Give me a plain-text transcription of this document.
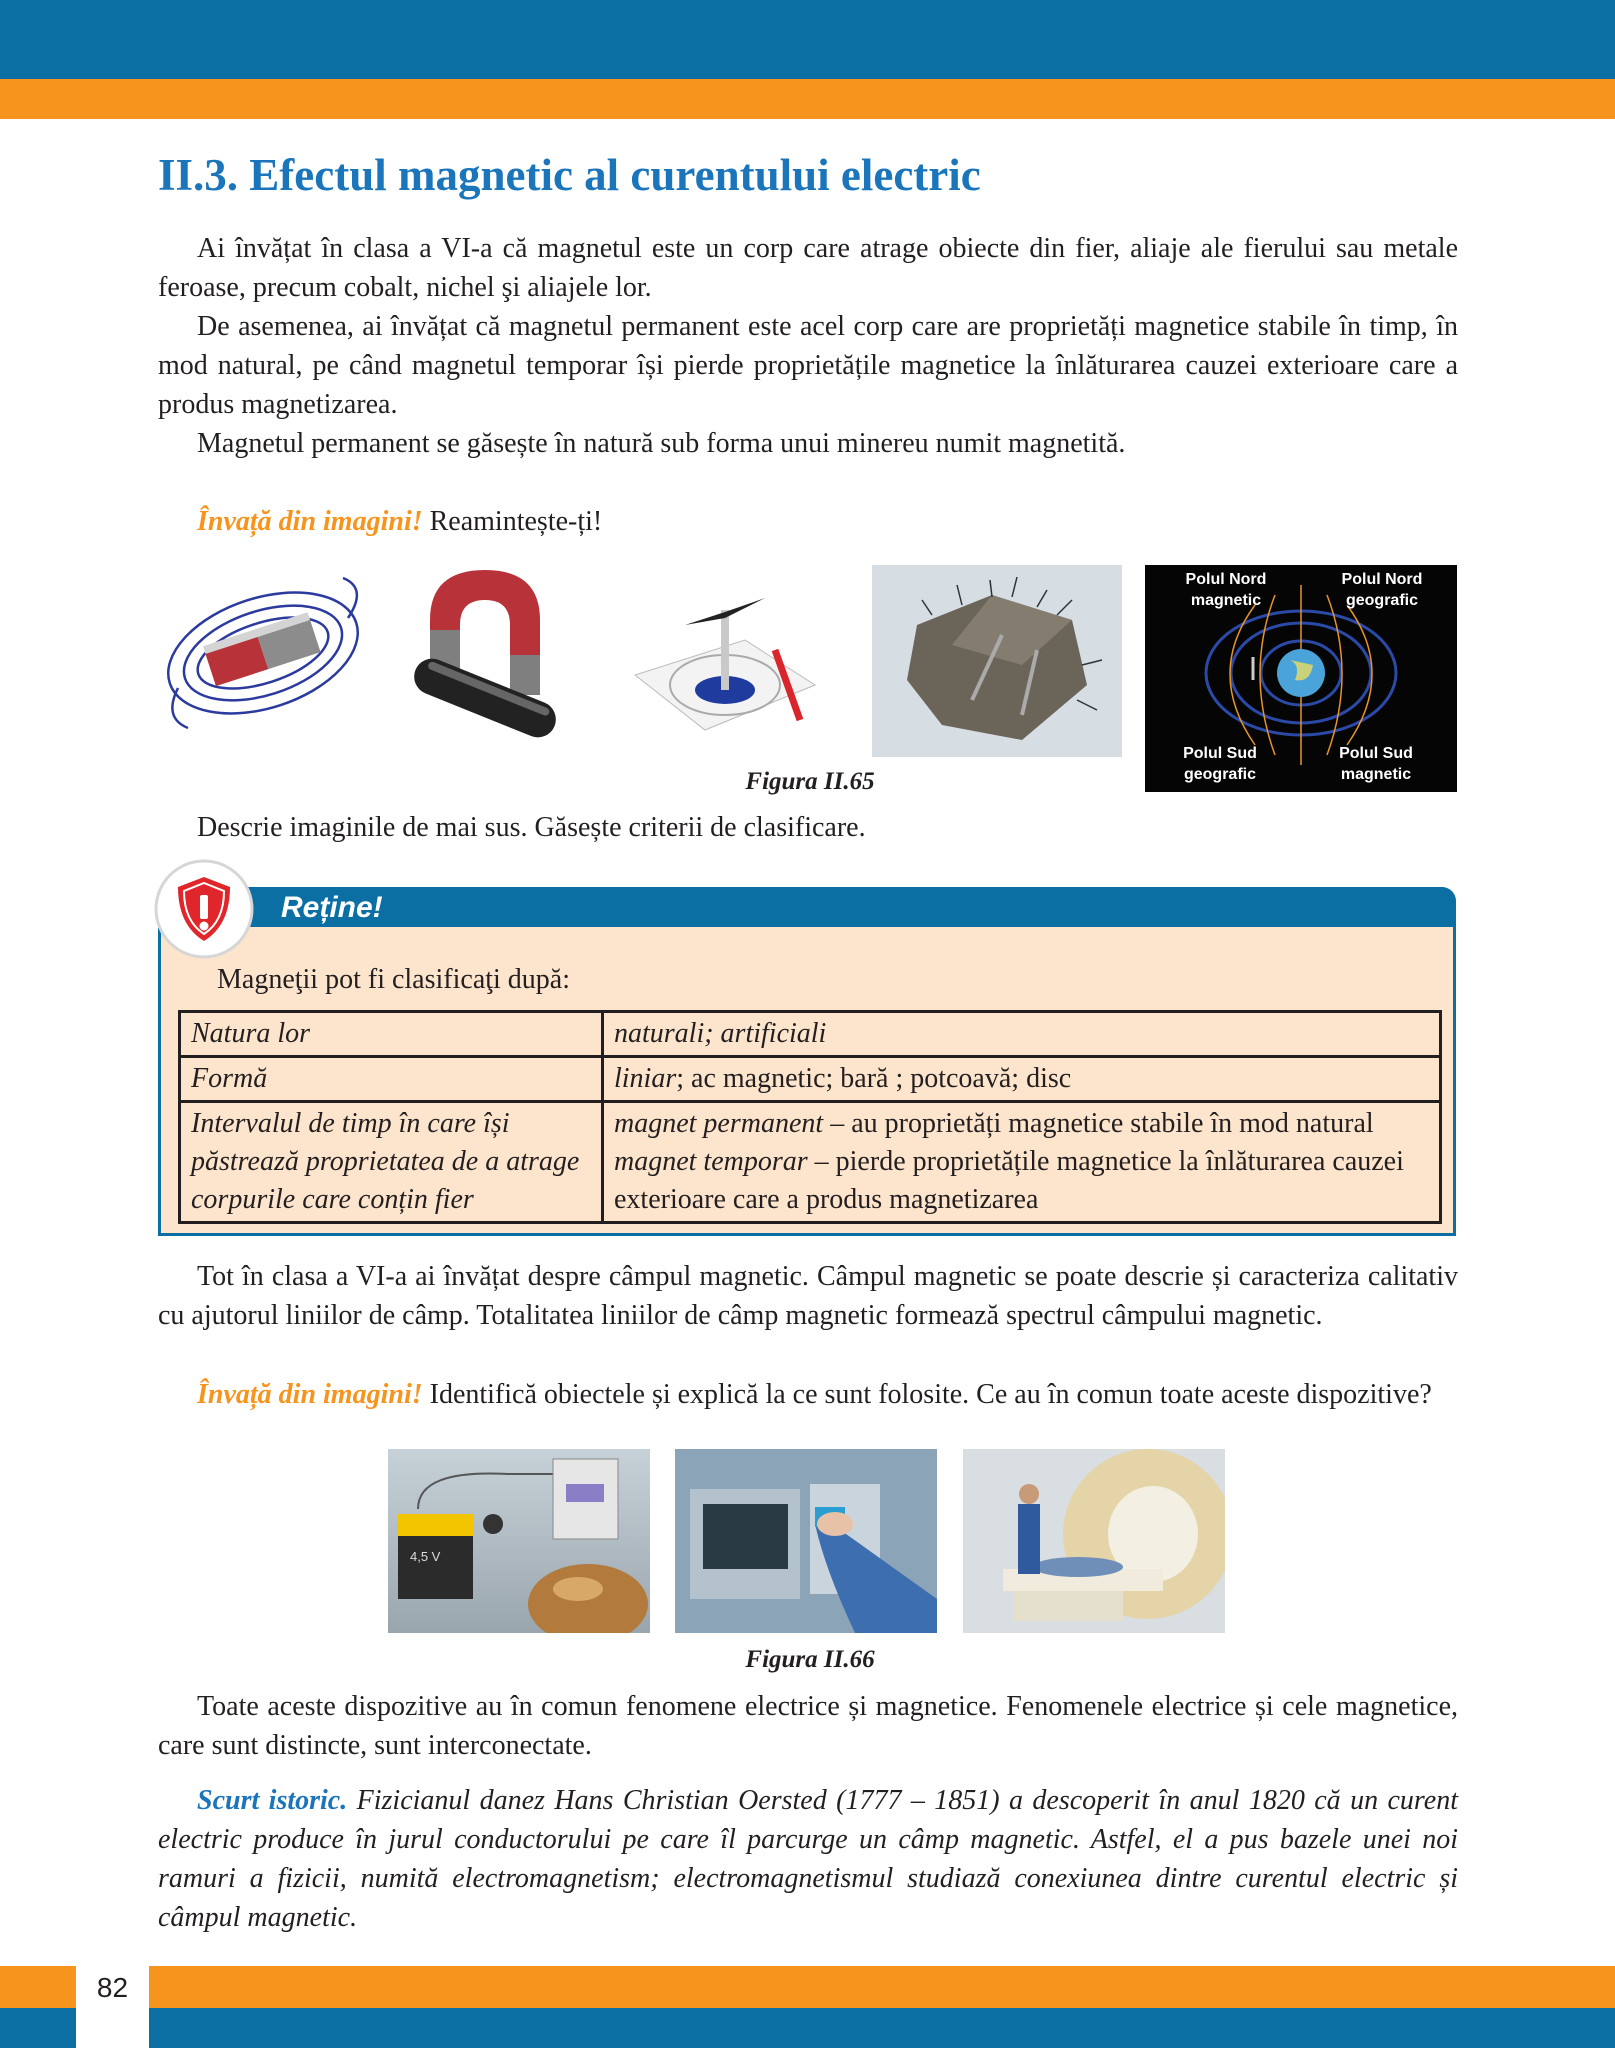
II.3. Efectul magnetic al curentului electric

Ai învățat în clasa a VI-a că magnetul este un corp care atrage obiecte din fier, aliaje ale fierului sau metale feroase, precum cobalt, nichel şi aliajele lor.

De asemenea, ai învățat că magnetul permanent este acel corp care are proprietăți magnetice stabile în timp, în mod natural, pe când magnetul temporar își pierde proprietățile magnetice la înlăturarea cauzei exterioare care a produs magnetizarea.

Magnetul permanent se găsește în natură sub forma unui minereu numit magnetită.

Învață din imagini! Reamintește-ți!

Polul Nord
magnetic
Polul Nord
geografic
Polul Sud
geografic
Polul Sud
magnetic
Figura II.65

Descrie imaginile de mai sus. Găsește criterii de clasificare.

Reține!

Magneţii pot fi clasificaţi după:

Natura lor	naturali; artificiali
Formă	liniar; ac magnetic; bară ; potcoavă; disc
Intervalul de timp în care își păstrează proprietatea de a atrage corpurile care conțin fier	magnet permanent – au proprietăți magnetice stabile în mod natural
magnet temporar – pierde proprietățile magnetice la înlăturarea cauzei exterioare care a produs magnetizarea

Tot în clasa a VI-a ai învățat despre câmpul magnetic. Câmpul magnetic se poate descrie și caracteriza calitativ cu ajutorul liniilor de câmp. Totalitatea liniilor de câmp magnetic formează spectrul câmpului magnetic.

Învață din imagini! Identifică obiectele și explică la ce sunt folosite. Ce au în comun toate aceste dispozitive?

4,5 V
Figura II.66

Toate aceste dispozitive au în comun fenomene electrice și magnetice. Fenomenele electrice și cele magnetice, care sunt distincte, sunt interconectate.

Scurt istoric. Fizicianul danez Hans Christian Oersted (1777 – 1851) a descoperit în anul 1820 că un curent electric produce în jurul conductorului pe care îl parcurge un câmp magnetic. Astfel, el a pus bazele unei noi ramuri a fizicii, numită electromagnetism; electromagnetismul studiază conexiunea dintre curentul electric și câmpul magnetic.

82
